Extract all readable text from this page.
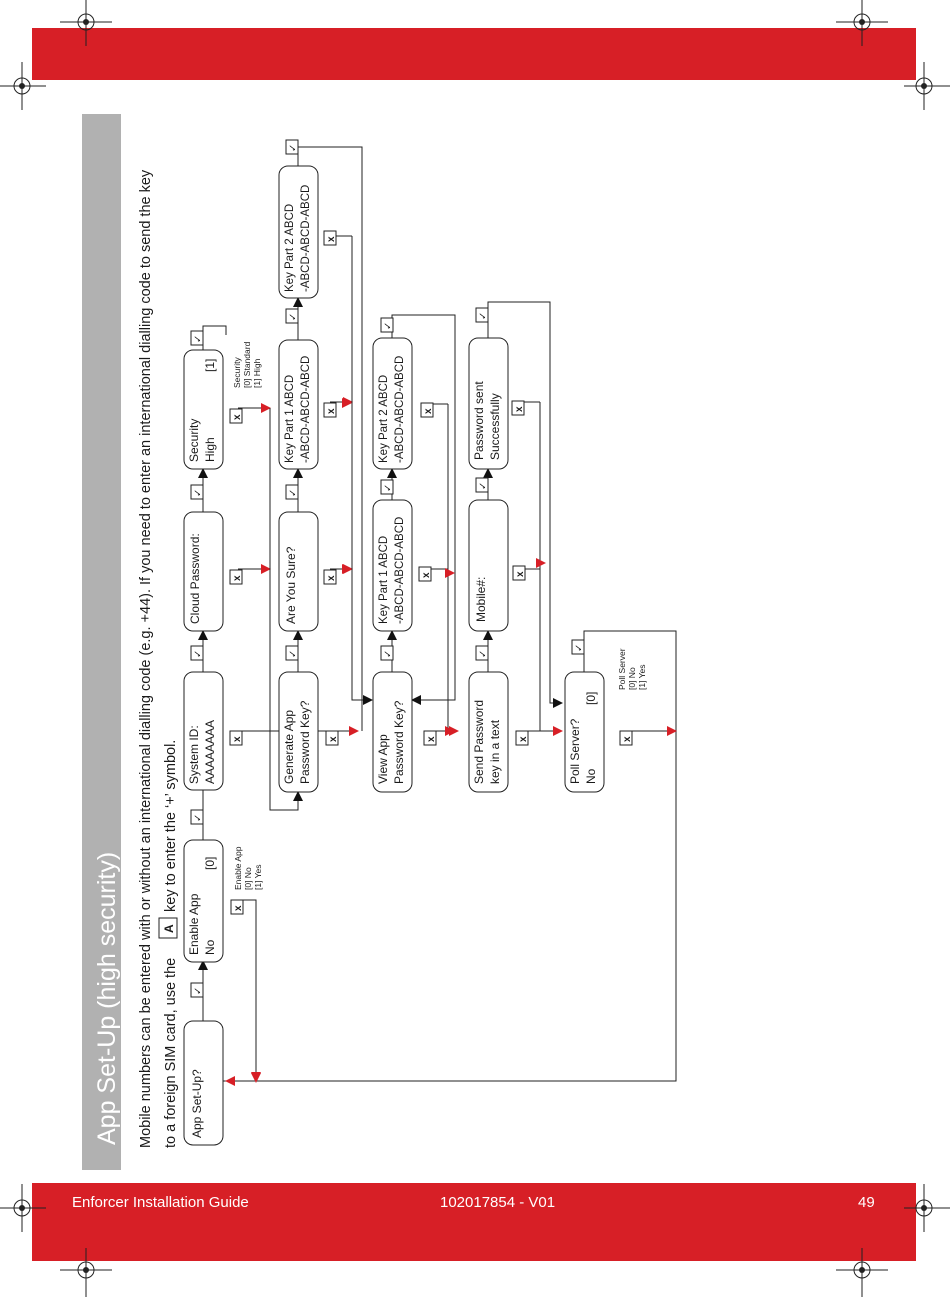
Enforcer Installation Guide	102017854 - V01	49
App Set-Up (high security) Mobile numbers can be entered with or without an international dialling code (e.g. +44). If you need to enter an international dialling code to send the key to a foreign SIM card, use the
A
key to enter the ‘+’ symbol.
App Set-Up?
Enable App No
[0] Enable App [0] No [1] Yes
System ID: AAAAAAAA
Cloud Password:
Security High
[1] Security [0] Standard [1] High
Generate App Password Key?
Are You Sure?
Key Part 1 ABCD -ABCD-ABCD-ABCD
Key Part 2 ABCD -ABCD-ABCD-ABCD
View App Password Key?
Key Part 1 ABCD -ABCD-ABCD-ABCD
Key Part 2 ABCD -ABCD-ABCD-ABCD
Send Password key in a text
Mobile#:
Password sent Successfully
Poll Server? No
[0]
Poll Server [0] No [1] Yes
✓
✓
✓
✓
✓
✓
✓
✓
✓
✓
✓
✓
✓
✓
✓
✓
x
x
x
x
x
x
x
x
x
x
x
x
x
x
x
